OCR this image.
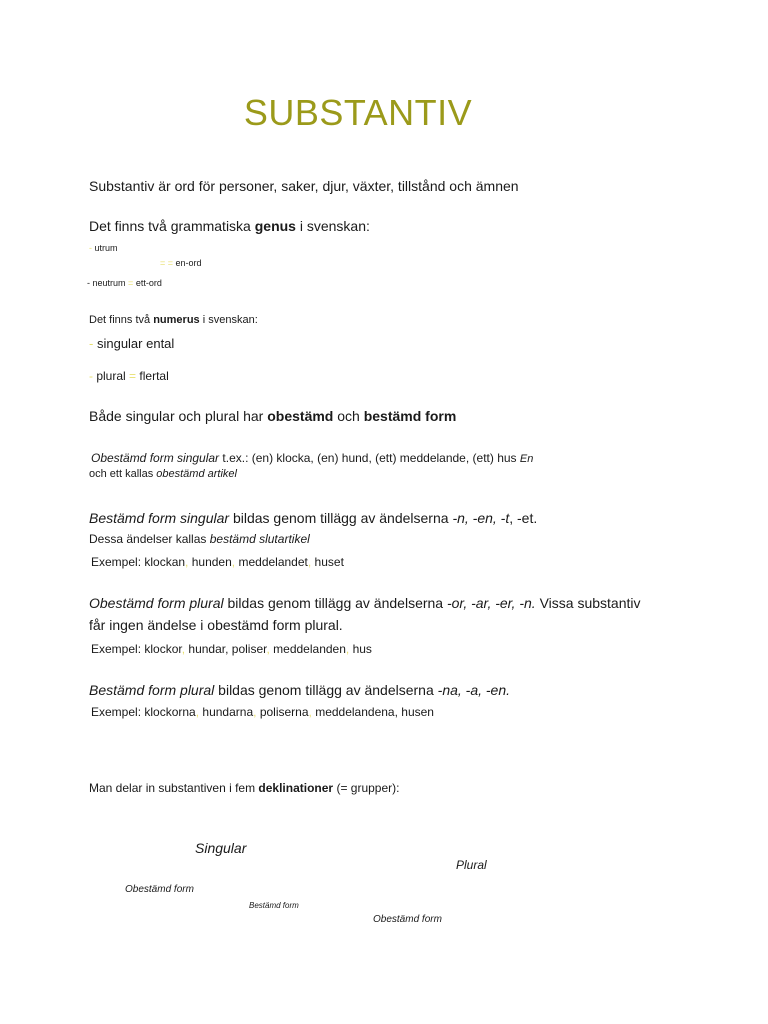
SUBSTANTIV
Substantiv är ord för personer, saker, djur, växter, tillstånd och ämnen
Det finns två grammatiska genus i svenskan:
- utrum
= = en-ord
- neutrum = ett-ord
Det finns två numerus i svenskan:
- singular ental
- plural = flertal
Både singular och plural har obestämd och bestämd form
Obestämd form singular t.ex.: (en) klocka, (en) hund, (ett) meddelande, (ett) hus En
och ett kallas obestämd artikel
Bestämd form singular bildas genom tillägg av ändelserna -n, -en, -t, -et.
Dessa ändelser kallas bestämd slutartikel
Exempel: klockan, hunden, meddelandet, huset
Obestämd form plural bildas genom tillägg av ändelserna -or, -ar, -er, -n. Vissa substantiv
får ingen ändelse i obestämd form plural.
Exempel: klockor, hundar, poliser, meddelanden, hus
Bestämd form plural bildas genom tillägg av ändelserna -na, -a, -en.
Exempel: klockorna, hundarna, poliserna, meddelandena, husen
Man delar in substantiven i fem deklinationer (= grupper):
Singular
Plural
Obestämd form
Bestämd form
Obestämd form
